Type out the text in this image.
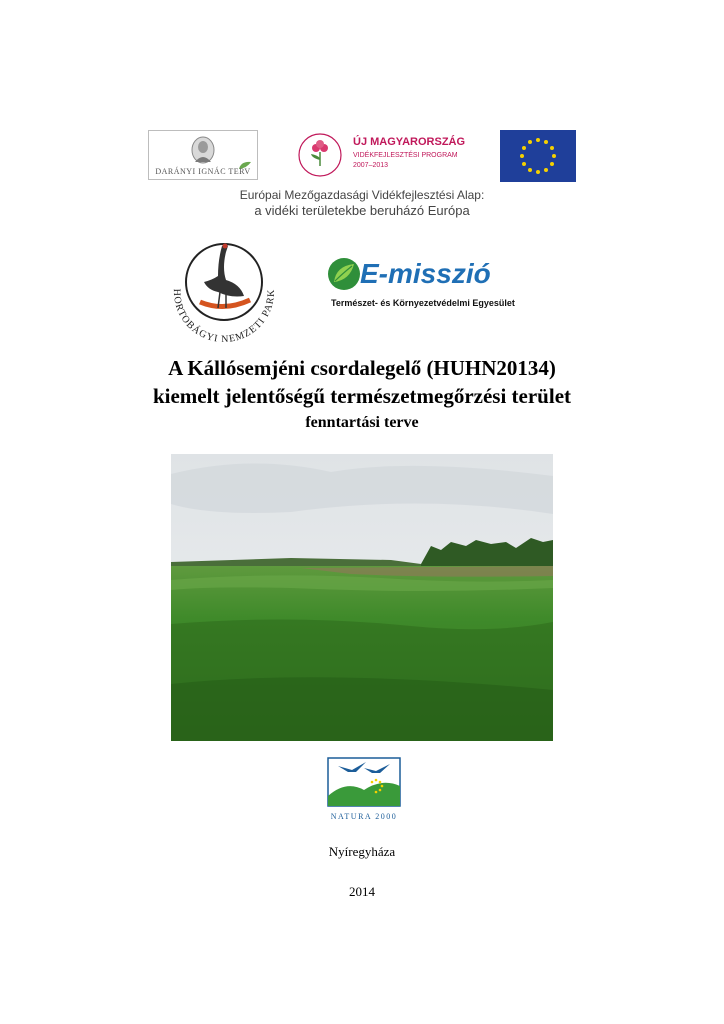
DARÁNYI IGNÁC TERV
ÚJ MAGYARORSZÁG
VIDÉKFEJLESZTÉSI PROGRAM
2007–2013
Európai Mezőgazdasági Vidékfejlesztési Alap:
a vidéki területekbe beruházó Európa
HORTOBÁGYI NEMZETI PARK
E-misszió
Természet- és Környezetvédelmi Egyesület
A Kállósemjéni csordalegelő (HUHN20134)
kiemelt jelentőségű természetmegőrzési terület
fenntartási terve
NATURA 2000
Nyíregyháza
2014
